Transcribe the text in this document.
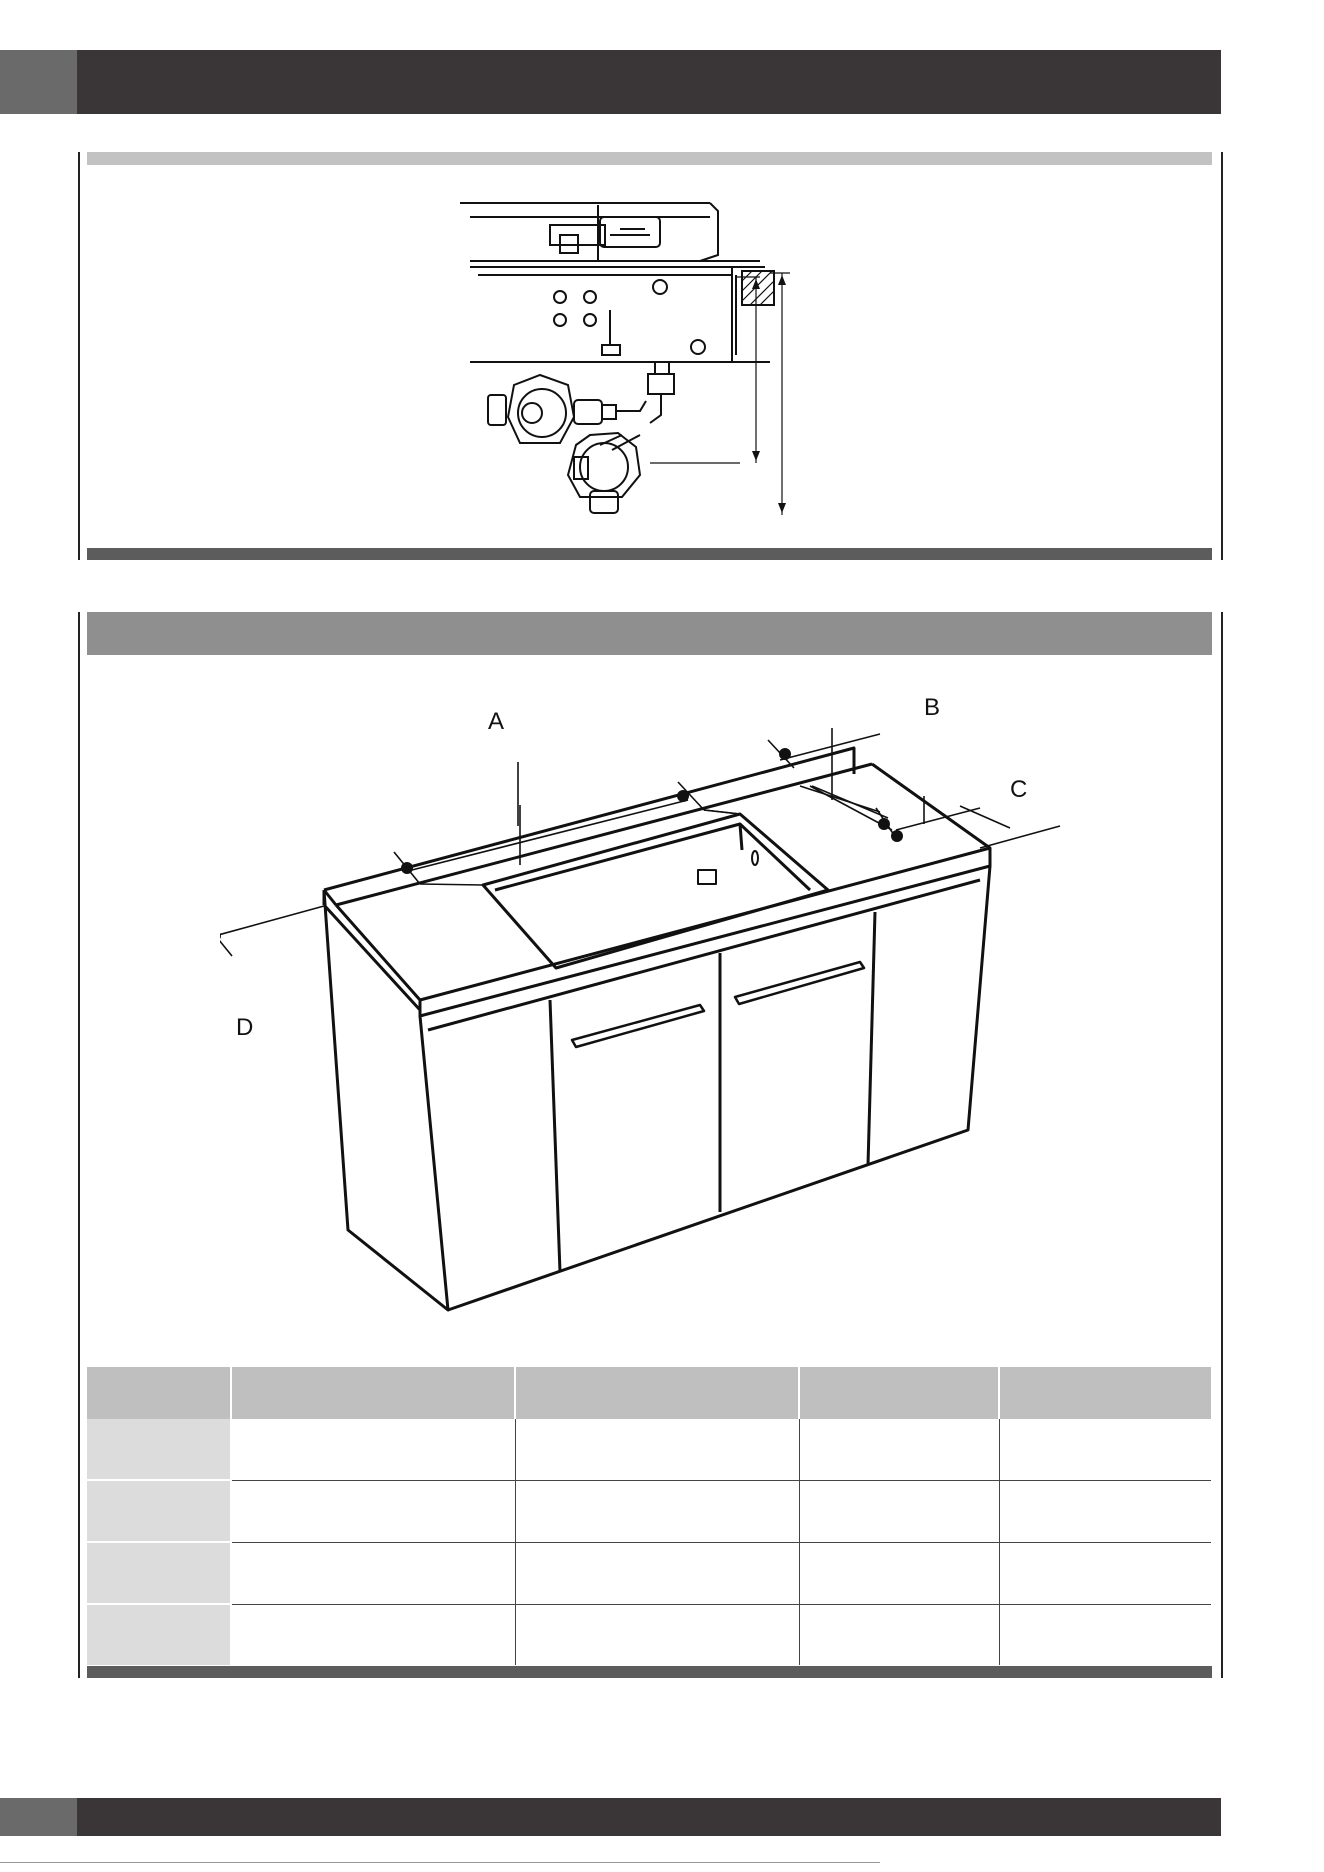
A
B
C
D
